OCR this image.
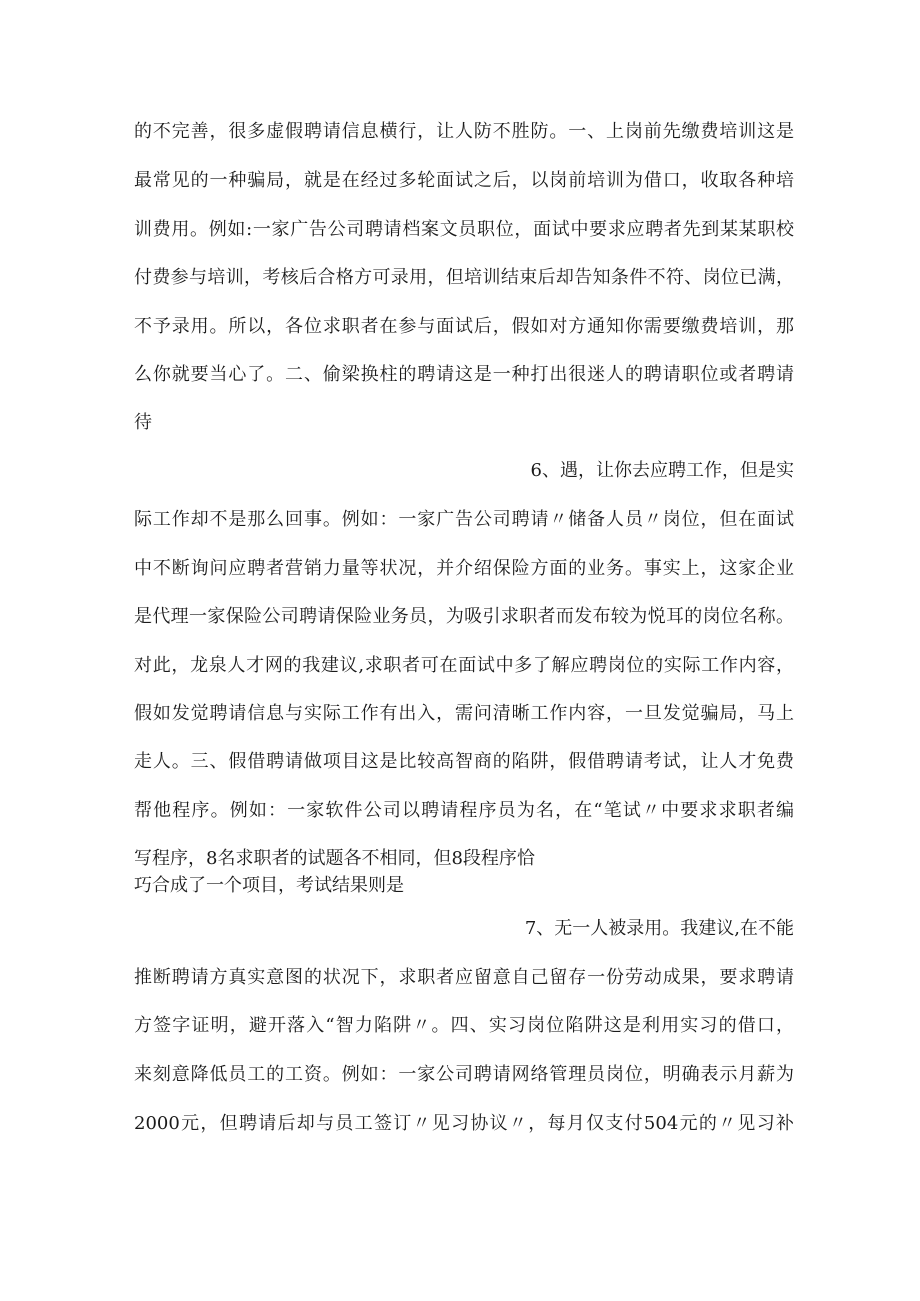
的不完善，很多虚假聘请信息横行，让人防不胜防。一、上岗前先缴费培训这是
最常见的一种骗局，就是在经过多轮面试之后，以岗前培训为借口，收取各种培
训费用。例如:一家广告公司聘请档案文员职位，面试中要求应聘者先到某某职校
付费参与培训，考核后合格方可录用，但培训结束后却告知条件不符、岗位已满，
不予录用。所以，各位求职者在参与面试后，假如对方通知你需要缴费培训，那
么你就要当心了。二、偷梁换柱的聘请这是一种打出很迷人的聘请职位或者聘请
待
6、遇，让你去应聘工作，但是实
际工作却不是那么回事。例如：一家广告公司聘请〃储备人员〃岗位，但在面试
中不断询问应聘者营销力量等状况，并介绍保险方面的业务。事实上，这家企业
是代理一家保险公司聘请保险业务员，为吸引求职者而发布较为悦耳的岗位名称。
对此，龙泉人才网的我建议,求职者可在面试中多了解应聘岗位的实际工作内容，
假如发觉聘请信息与实际工作有出入，需问清晰工作内容，一旦发觉骗局，马上
走人。三、假借聘请做项目这是比较高智商的陷阱，假借聘请考试，让人才免费
帮他程序。例如：一家软件公司以聘请程序员为名，在“笔试〃中要求求职者编
写程序，8名求职者的试题各不相同，但8段程序恰
巧合成了一个项目，考试结果则是
7、无一人被录用。我建议,在不能
推断聘请方真实意图的状况下，求职者应留意自己留存一份劳动成果，要求聘请
方签字证明，避开落入“智力陷阱〃。四、实习岗位陷阱这是利用实习的借口，
来刻意降低员工的工资。例如：一家公司聘请网络管理员岗位，明确表示月薪为
2000元，但聘请后却与员工签订〃见习协议〃，每月仅支付504元的〃见习补
